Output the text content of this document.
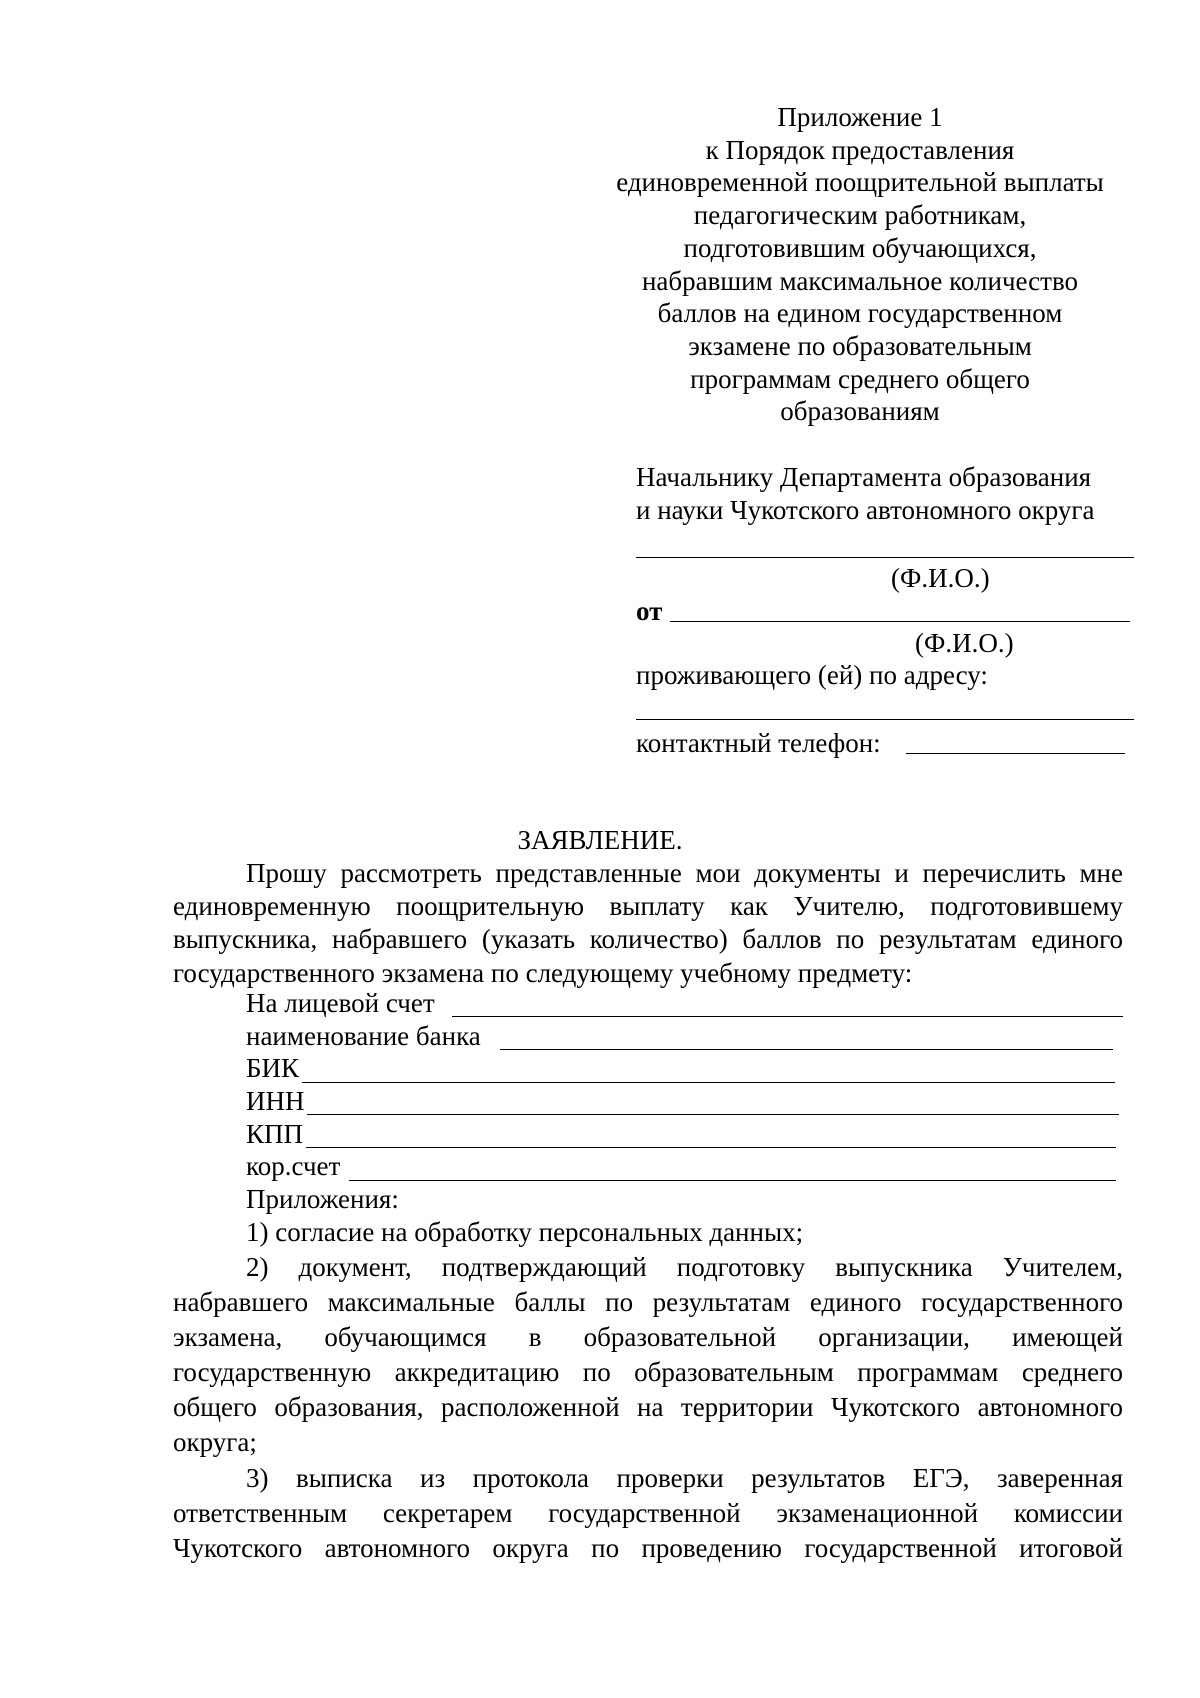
Приложение 1
к Порядок предоставления
единовременной поощрительной выплаты
педагогическим работникам,
подготовившим обучающихся,
набравшим максимальное количество
баллов на едином государственном
экзамене по образовательным
программам среднего общего
образованиям
Начальнику Департамента образования
и науки Чукотского автономного округа
(Ф.И.О.)
от
(Ф.И.О.)
проживающего (ей) по адресу:
контактный телефон:
ЗАЯВЛЕНИЕ.
Прошу рассмотреть представленные мои документы и перечислить мне
единовременную поощрительную выплату как Учителю, подготовившему
выпускника, набравшего (указать количество) баллов по результатам единого
государственного экзамена по следующему учебному предмету:
На лицевой счет
наименование банка
БИК
ИНН
КПП
кор.счет
Приложения:
1) согласие на обработку персональных данных;
2) документ, подтверждающий подготовку выпускника Учителем,
набравшего максимальные баллы по результатам единого государственного
экзамена, обучающимся в образовательной организации, имеющей
государственную аккредитацию по образовательным программам среднего
общего образования, расположенной на территории Чукотского автономного
округа;
3) выписка из протокола проверки результатов ЕГЭ, заверенная
ответственным секретарем государственной экзаменационной комиссии
Чукотского автономного округа по проведению государственной итоговой
